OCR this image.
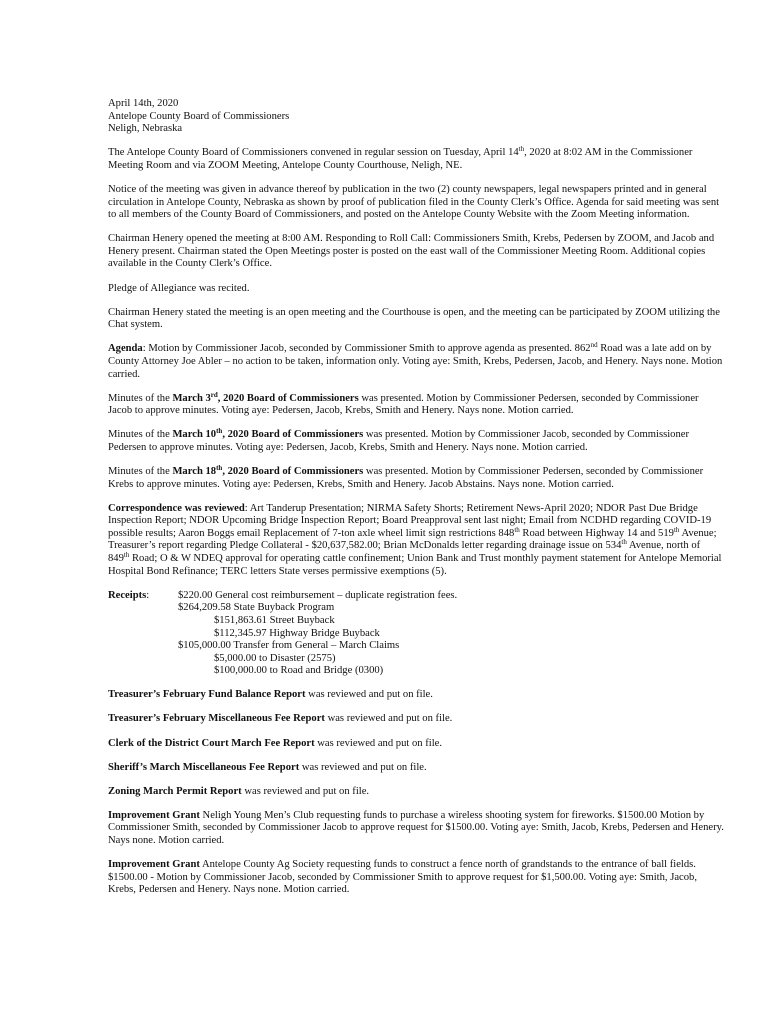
April 14th, 2020
Antelope County Board of Commissioners
Neligh, Nebraska

The Antelope County Board of Commissioners convened in regular session on Tuesday, April 14th, 2020 at 8:02 AM in the Commissioner Meeting Room and via ZOOM Meeting, Antelope County Courthouse, Neligh, NE.

Notice of the meeting was given in advance thereof by publication in the two (2) county newspapers, legal newspapers printed and in general circulation in Antelope County, Nebraska as shown by proof of publication filed in the County Clerk’s Office. Agenda for said meeting was sent to all members of the County Board of Commissioners, and posted on the Antelope County Website with the Zoom Meeting information.

Chairman Henery opened the meeting at 8:00 AM. Responding to Roll Call: Commissioners Smith, Krebs, Pedersen by ZOOM, and Jacob and Henery present. Chairman stated the Open Meetings poster is posted on the east wall of the Commissioner Meeting Room. Additional copies available in the County Clerk’s Office.

Pledge of Allegiance was recited.

Chairman Henery stated the meeting is an open meeting and the Courthouse is open, and the meeting can be participated by ZOOM utilizing the Chat system.

Agenda: Motion by Commissioner Jacob, seconded by Commissioner Smith to approve agenda as presented. 862nd Road was a late add on by County Attorney Joe Abler – no action to be taken, information only. Voting aye: Smith, Krebs, Pedersen, Jacob, and Henery. Nays none. Motion carried.

Minutes of the March 3rd, 2020 Board of Commissioners was presented. Motion by Commissioner Pedersen, seconded by Commissioner Jacob to approve minutes. Voting aye: Pedersen, Jacob, Krebs, Smith and Henery. Nays none. Motion carried.

Minutes of the March 10th, 2020 Board of Commissioners was presented. Motion by Commissioner Jacob, seconded by Commissioner Pedersen to approve minutes. Voting aye: Pedersen, Jacob, Krebs, Smith and Henery. Nays none. Motion carried.

Minutes of the March 18th, 2020 Board of Commissioners was presented. Motion by Commissioner Pedersen, seconded by Commissioner Krebs to approve minutes. Voting aye: Pedersen, Krebs, Smith and Henery. Jacob Abstains. Nays none. Motion carried.

Correspondence was reviewed: Art Tanderup Presentation; NIRMA Safety Shorts; Retirement News-April 2020; NDOR Past Due Bridge Inspection Report; NDOR Upcoming Bridge Inspection Report; Board Preapproval sent last night; Email from NCDHD regarding COVID-19 possible results; Aaron Boggs email Replacement of 7-ton axle wheel limit sign restrictions 848th Road between Highway 14 and 519th Avenue; Treasurer’s report regarding Pledge Collateral - $20,637,582.00; Brian McDonalds letter regarding drainage issue on 534th Avenue, north of 849th Road; O & W NDEQ approval for operating cattle confinement; Union Bank and Trust monthly payment statement for Antelope Memorial Hospital Bond Refinance; TERC letters State verses permissive exemptions (5).

Receipts:	$220.00 General cost reimbursement – duplicate registration fees.
$264,209.58 State Buyback Program
$151,863.61 Street Buyback
$112,345.97 Highway Bridge Buyback
$105,000.00 Transfer from General – March Claims
$5,000.00 to Disaster (2575)
$100,000.00 to Road and Bridge (0300)

Treasurer’s February Fund Balance Report was reviewed and put on file.

Treasurer’s February Miscellaneous Fee Report was reviewed and put on file.

Clerk of the District Court March Fee Report was reviewed and put on file.

Sheriff’s March Miscellaneous Fee Report was reviewed and put on file.

Zoning March Permit Report was reviewed and put on file.

Improvement Grant Neligh Young Men’s Club requesting funds to purchase a wireless shooting system for fireworks. $1500.00 Motion by Commissioner Smith, seconded by Commissioner Jacob to approve request for $1500.00. Voting aye: Smith, Jacob, Krebs, Pedersen and Henery. Nays none. Motion carried.

Improvement Grant Antelope County Ag Society requesting funds to construct a fence north of grandstands to the entrance of ball fields. $1500.00 - Motion by Commissioner Jacob, seconded by Commissioner Smith to approve request for $1,500.00. Voting aye: Smith, Jacob, Krebs, Pedersen and Henery. Nays none. Motion carried.
